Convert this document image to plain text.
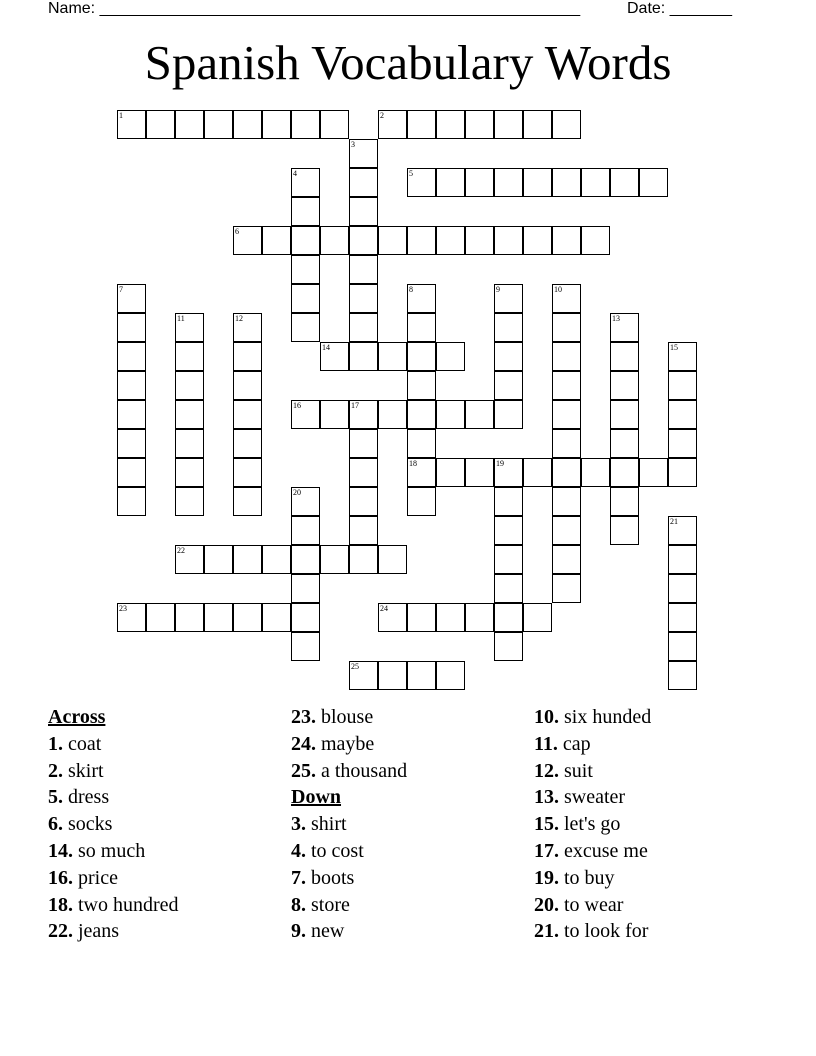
Name: ______________________________________________________	Date: _______
Spanish Vocabulary Words
1	2
5
6
14
16	17
18	19
22
23	24
25
3
4
7	8	9	10
11	12	13
15
20
21
Across
1. coat
2. skirt
5. dress
6. socks
14. so much
16. price
18. two hundred
22. jeans
23. blouse
24. maybe
25. a thousand
Down
3. shirt
4. to cost
7. boots
8. store
9. new
10. six hunded
11. cap
12. suit
13. sweater
15. let's go
17. excuse me
19. to buy
20. to wear
21. to look for
